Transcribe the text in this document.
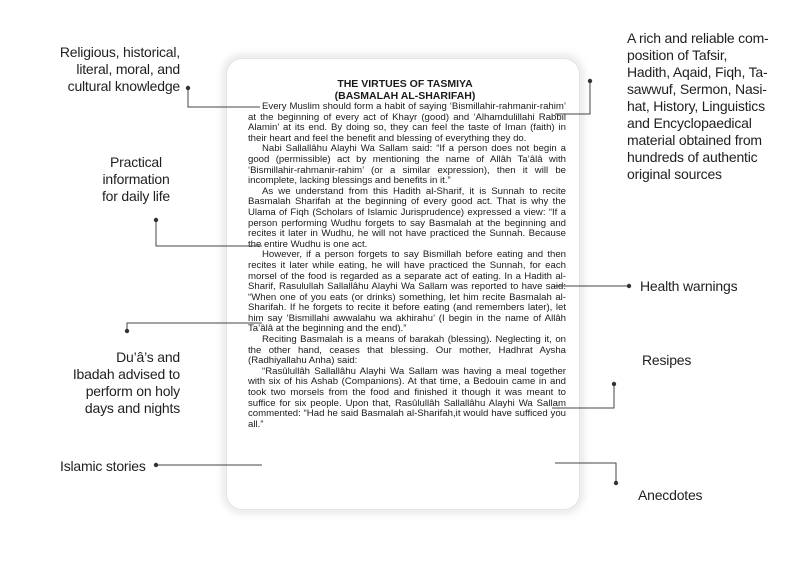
THE VIRTUES OF TASMIYA
(BASMALAH AL-SHARIFAH)

Every Muslim should form a habit of saying ‘Bismillahir-rahmanir-rahim’ at the beginning of every act of Khayr (good) and ‘Alhamdulillahi Rabbil Alamin’ at its end. By doing so, they can feel the taste of Iman (faith) in their heart and feel the benefit and blessing of everything they do.

Nabi Sallallâhu Alayhi Wa Sallam said: “If a person does not begin a good (permissible) act by mentioning the name of Allâh Ta’âlâ with ‘Bismillahir-rahmanir-rahim’ (or a similar expression), then it will be incomplete, lacking blessings and benefits in it.”

As we understand from this Hadith al-Sharif, it is Sunnah to recite Basmalah Sharifah at the beginning of every good act. That is why the Ulama of Fiqh (Scholars of Islamic Jurisprudence) expressed a view: “If a person performing Wudhu forgets to say Basmalah at the beginning and recites it later in Wudhu, he will not have practiced the Sunnah. Because the entire Wudhu is one act.

However, if a person forgets to say Bismillah before eating and then recites it later while eating, he will have practiced the Sunnah, for each morsel of the food is regarded as a separate act of eating. In a Hadith al-Sharif, Rasulullah Sallallâhu Alayhi Wa Sallam was reported to have said: “When one of you eats (or drinks) something, let him recite Basmalah al-Sharifah. If he forgets to recite it before eating (and remembers later), let him say ‘Bismillahi awwalahu wa akhirahu’ (I begin in the name of Allâh Ta’âlâ at the beginning and the end).”

Reciting Basmalah is a means of barakah (blessing). Neglecting it, on the other hand, ceases that blessing. Our mother, Hadhrat Aysha (Radhiyallahu Anha) said:

“Rasûlullâh Sallallâhu Alayhi Wa Sallam was having a meal together with six of his Ashab (Companions). At that time, a Bedouin came in and took two morsels from the food and finished it though it was meant to suffice for six people. Upon that, Rasûlullâh Sallallâhu Alayhi Wa Sallam commented: “Had he said Basmalah al-Sharifah,it would have sufficed you all.”

Religious, historical,
literal, moral, and
cultural knowledge
Practical
information
for daily life
Du’â’s and
Ibadah advised to
perform on holy
days and nights
Islamic stories
A rich and reliable com-
position of Tafsir,
Hadith, Aqaid, Fiqh, Ta-
sawwuf, Sermon, Nasi-
hat, History, Linguistics
and Encyclopaedical
material obtained from
hundreds of authentic
original sources
Health warnings
Resipes
Anecdotes
